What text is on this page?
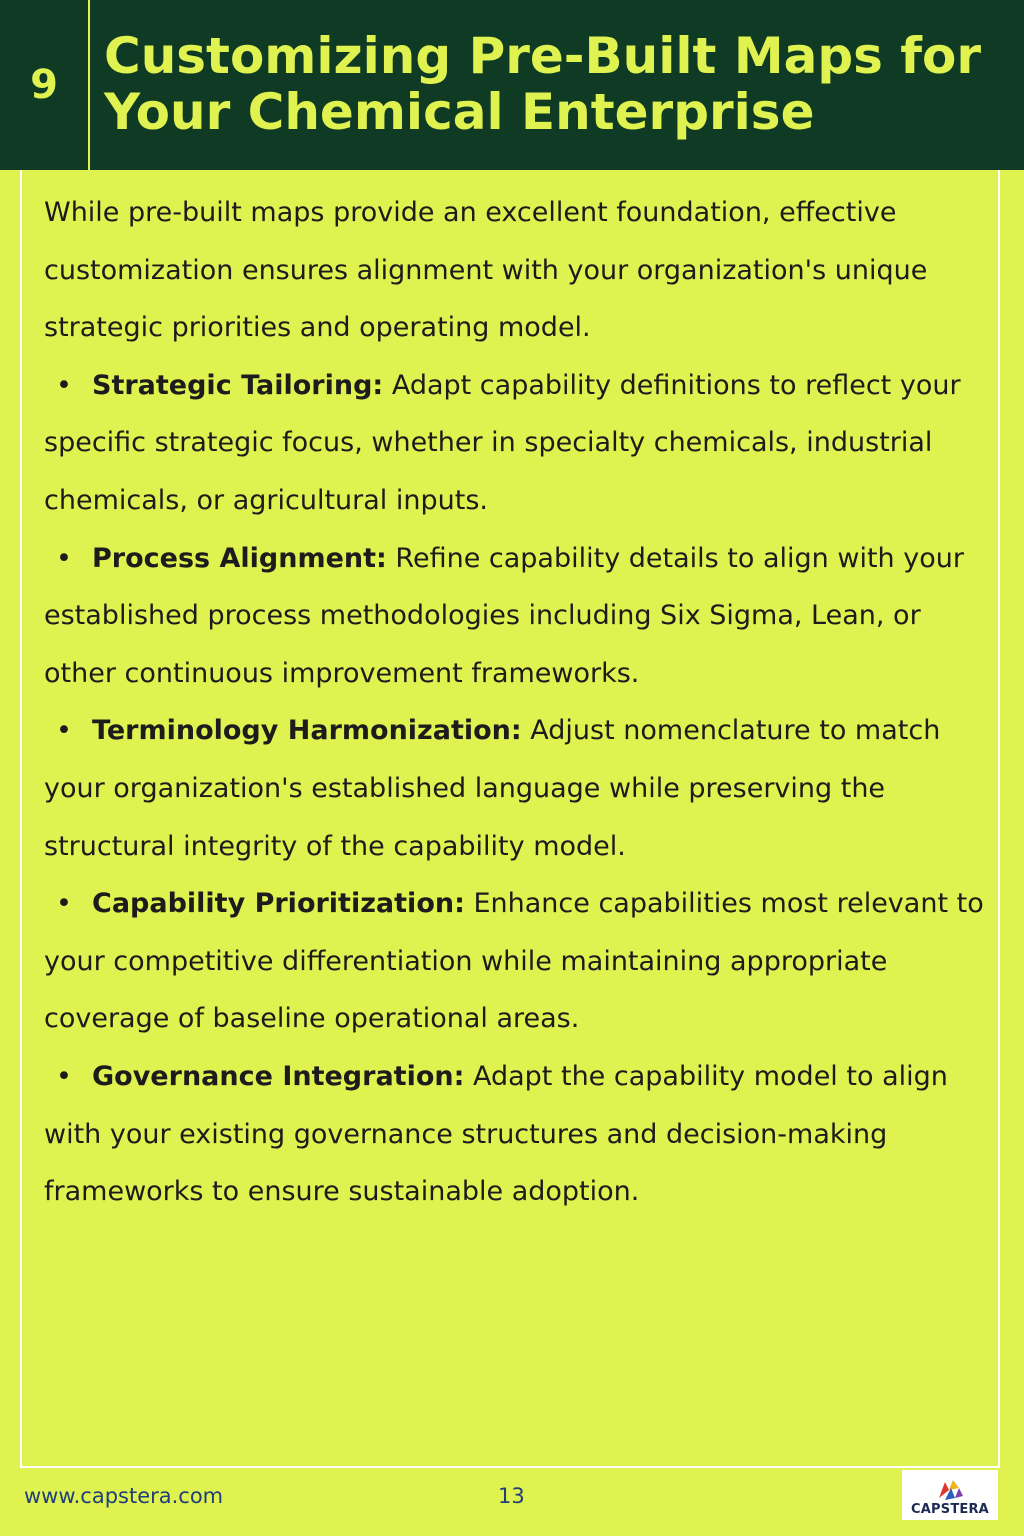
9 Customizing Pre-Built Maps for
Your Chemical Enterprise

While pre-built maps provide an excellent foundation, effective customization ensures alignment with your organization's unique strategic priorities and operating model.

• Strategic Tailoring: Adapt capability definitions to reflect your specific strategic focus, whether in specialty chemicals, industrial chemicals, or agricultural inputs.
• Process Alignment: Refine capability details to align with your established process methodologies including Six Sigma, Lean, or other continuous improvement frameworks.
• Terminology Harmonization: Adjust nomenclature to match your organization's established language while preserving the structural integrity of the capability model.
• Capability Prioritization: Enhance capabilities most relevant to your competitive differentiation while maintaining appropriate coverage of baseline operational areas.
• Governance Integration: Adapt the capability model to align with your existing governance structures and decision-making frameworks to ensure sustainable adoption.
www.capstera.com	13
CAPSTERA
